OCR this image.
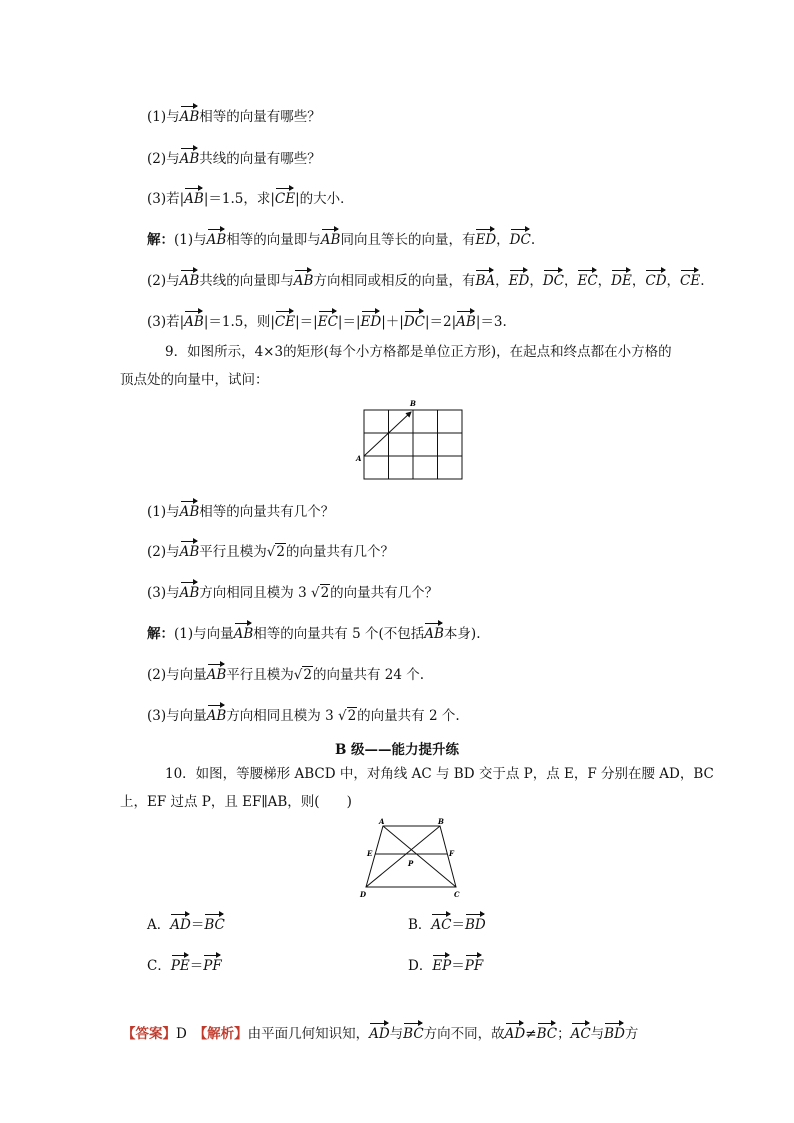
(1)与AB相等的向量有哪些？
(2)与AB共线的向量有哪些？
(3)若|AB|＝1.5，求|CE|的大小．
解：(1)与AB相等的向量即与AB同向且等长的向量，有ED，DC.
(2)与AB共线的向量即与AB方向相同或相反的向量，有BA，ED，DC，EC，DE，CD，CE.
(3)若|AB|＝1.5，则|CE|＝|EC|＝|ED|＋|DC|＝2|AB|＝3.
9．如图所示，4×3的矩形(每个小方格都是单位正方形)，在起点和终点都在小方格的
顶点处的向量中，试问：
A
B
(1)与AB相等的向量共有几个？
(2)与AB平行且模为√2的向量共有几个？
(3)与AB方向相同且模为 3 √2的向量共有几个？
解：(1)与向量AB相等的向量共有 5 个(不包括AB本身).
(2)与向量AB平行且模为√2的向量共有 24 个.
(3)与向量AB方向相同且模为 3 √2的向量共有 2 个.
B 级——能力提升练
10．如图，等腰梯形 ABCD 中，对角线 AC 与 BD 交于点 P，点 E，F 分别在腰 AD，BC
上，EF 过点 P，且 EF∥AB，则(　　)
A	B
C
D
E	F
P
A．AD＝BC	B．AC＝BD
C．PE＝PF	D．EP＝PF
【答案】D　 【解析】由平面几何知识知，AD与BC方向不同，故AD≠BC；AC与BD方
